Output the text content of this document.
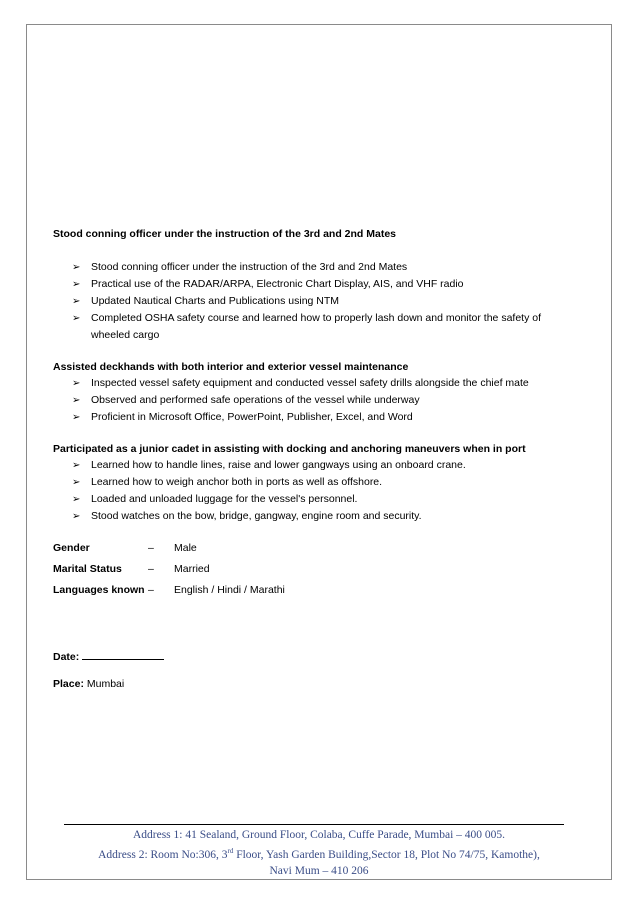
Stood conning officer under the instruction of the 3rd and 2nd Mates
➢ Stood conning officer under the instruction of the 3rd and 2nd Mates
➢ Practical use of the RADAR/ARPA, Electronic Chart Display, AIS, and VHF radio
➢ Updated Nautical Charts and Publications using NTM
➢ Completed OSHA safety course and learned how to properly lash down and monitor the safety of wheeled cargo
Assisted deckhands with both interior and exterior vessel maintenance
➢ Inspected vessel safety equipment and conducted vessel safety drills alongside the chief mate
➢ Observed and performed safe operations of the vessel while underway
➢ Proficient in Microsoft Office, PowerPoint, Publisher, Excel, and Word
Participated as a junior cadet in assisting with docking and anchoring maneuvers when in port
➢ Learned how to handle lines, raise and lower gangways using an onboard crane.
➢ Learned how to weigh anchor both in ports as well as offshore.
➢ Loaded and unloaded luggage for the vessel's personnel.
➢ Stood watches on the bow, bridge, gangway, engine room and security.
Gender	–	Male
Marital Status	–	Married
Languages known –	English / Hindi / Marathi
Date:
Place: Mumbai
Address 1: 41 Sealand, Ground Floor, Colaba, Cuffe Parade, Mumbai – 400 005.
Address 2: Room No:306, 3rd Floor, Yash Garden Building,Sector 18, Plot No 74/75, Kamothe),
Navi Mum – 410 206
